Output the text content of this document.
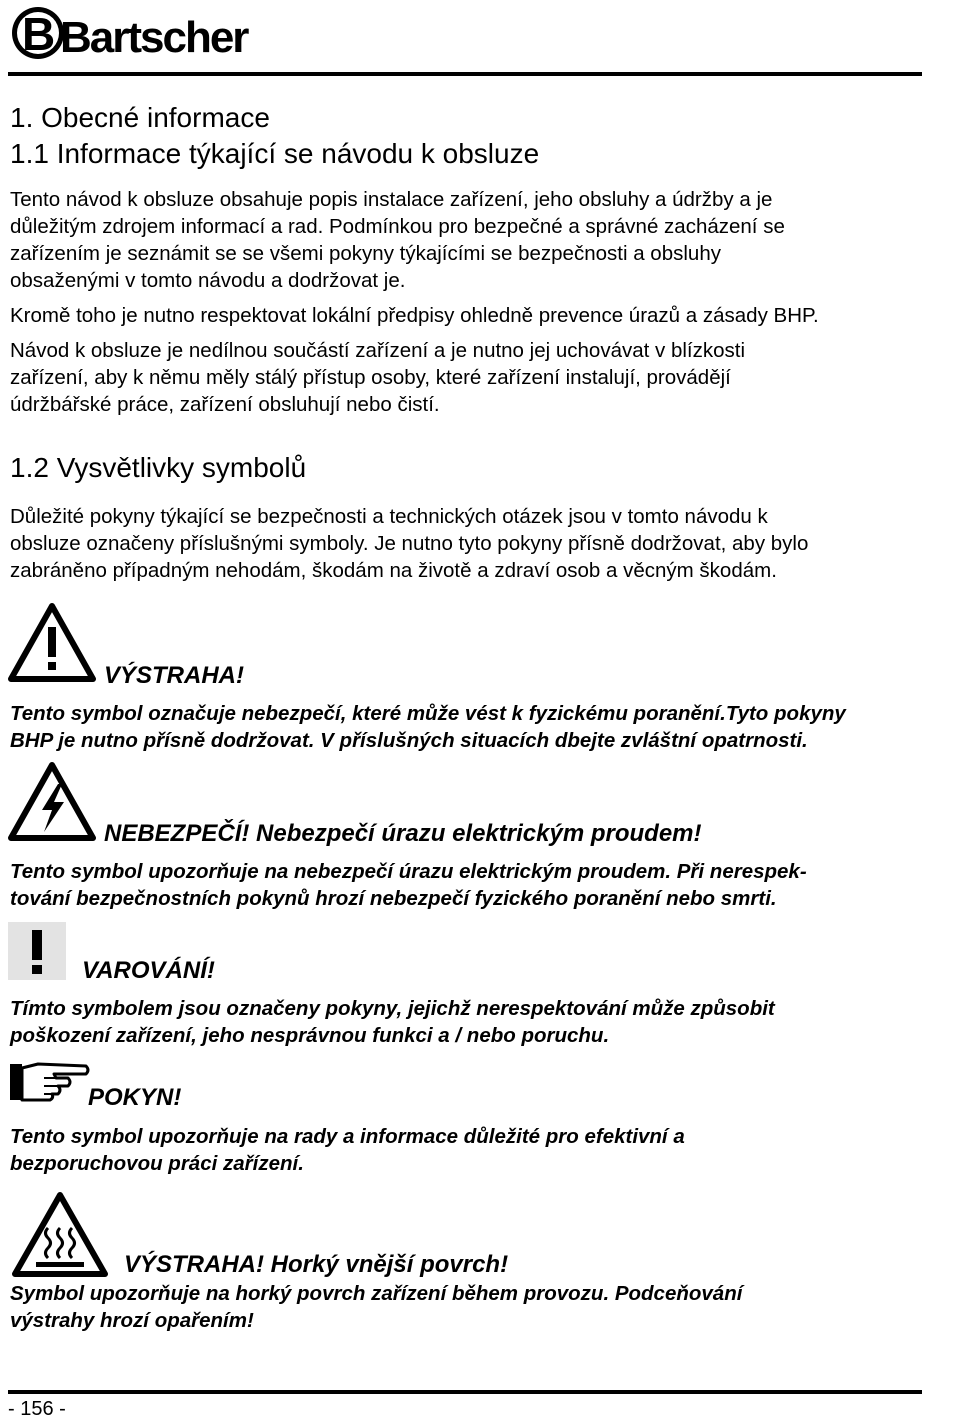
B Bartscher
1. Obecné informace
1.1 Informace týkající se návodu k obsluze
Tento návod k obsluze obsahuje popis instalace zařízení, jeho obsluhy a údržby a je
důležitým zdrojem informací a rad. Podmínkou pro bezpečné a správné zacházení se
zařízením je seznámit se se všemi pokyny týkajícími se bezpečnosti a obsluhy
obsaženými v tomto návodu a dodržovat je.
Kromě toho je nutno respektovat lokální předpisy ohledně prevence úrazů a zásady BHP.
Návod k obsluze je nedílnou součástí zařízení a je nutno jej uchovávat v blízkosti
zařízení, aby k němu měly stálý přístup osoby, které zařízení instalují, provádějí
údržbářské práce, zařízení obsluhují nebo čistí.
1.2 Vysvětlivky symbolů
Důležité pokyny týkající se bezpečnosti a technických otázek jsou v tomto návodu k
obsluze označeny příslušnými symboly. Je nutno tyto pokyny přísně dodržovat, aby bylo
zabráněno případným nehodám, škodám na životě a zdraví osob a věcným škodám.
VÝSTRAHA!
Tento symbol označuje nebezpečí, které může vést k fyzickému poranění.Tyto pokyny
BHP je nutno přísně dodržovat. V příslušných situacích dbejte zvláštní opatrnosti.
NEBEZPEČÍ! Nebezpečí úrazu elektrickým proudem!
Tento symbol upozorňuje na nebezpečí úrazu elektrickým proudem. Při nerespek-
tování bezpečnostních pokynů hrozí nebezpečí fyzického poranění nebo smrti.
VAROVÁNÍ!
Tímto symbolem jsou označeny pokyny, jejichž nerespektování může způsobit
poškození zařízení, jeho nesprávnou funkci a / nebo poruchu.
POKYN!
Tento symbol upozorňuje na rady a informace důležité pro efektivní a
bezporuchovou práci zařízení.
VÝSTRAHA! Horký vnější povrch!
Symbol upozorňuje na horký povrch zařízení během provozu. Podceňování
výstrahy hrozí opařením!
- 156 -
